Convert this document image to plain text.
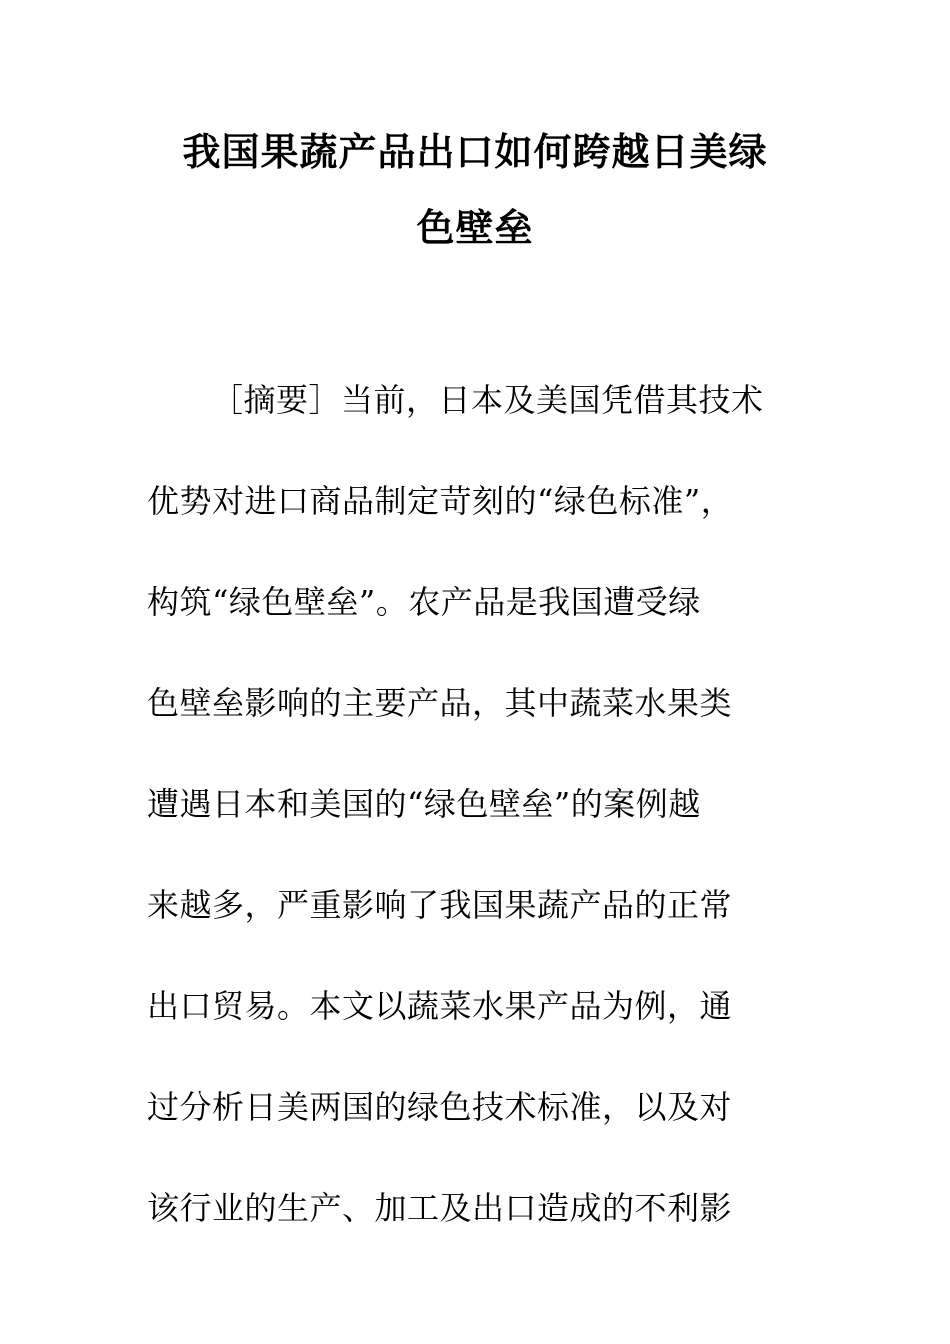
我国果蔬产品出口如何跨越日美绿
色壁垒
［摘要］当前，日本及美国凭借其技术
优势对进口商品制定苛刻的“绿色标准”，
构筑“绿色壁垒”。农产品是我国遭受绿
色壁垒影响的主要产品，其中蔬菜水果类
遭遇日本和美国的“绿色壁垒”的案例越
来越多，严重影响了我国果蔬产品的正常
出口贸易。本文以蔬菜水果产品为例，通
过分析日美两国的绿色技术标准，以及对
该行业的生产、加工及出口造成的不利影
